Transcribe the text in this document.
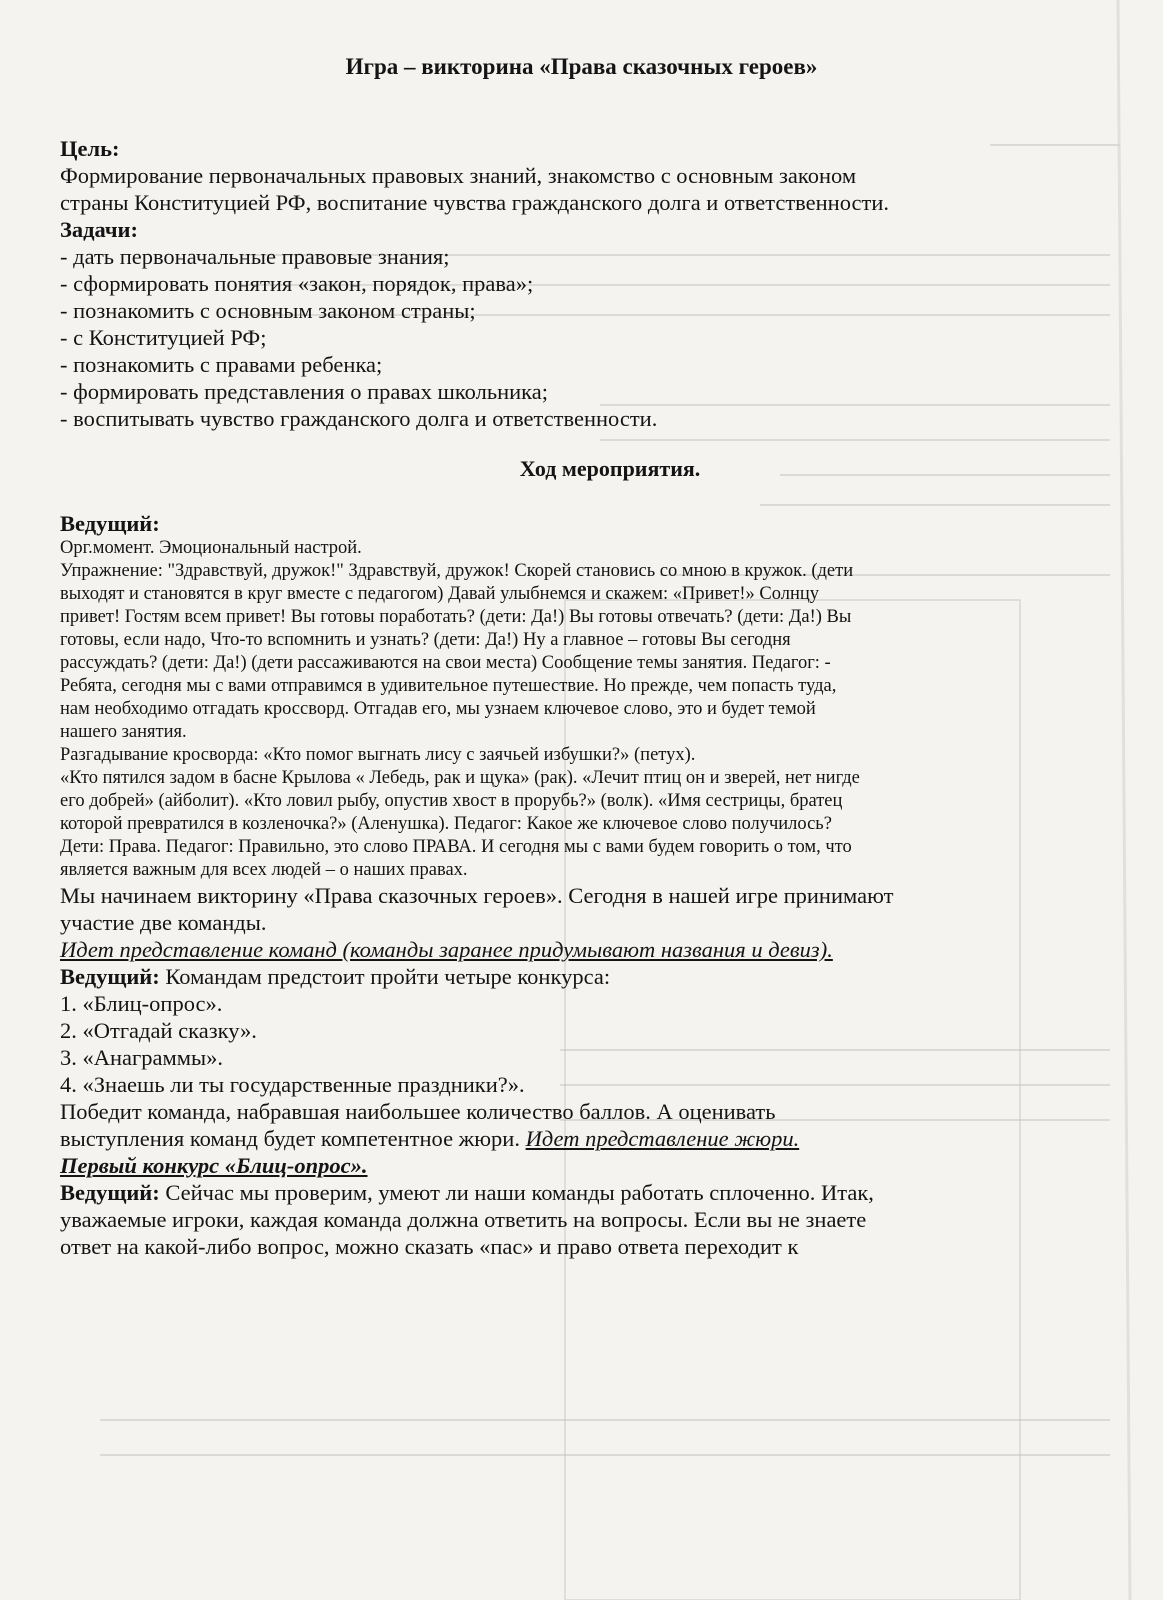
Игра – викторина «Права сказочных героев»
Цель:
Формирование первоначальных правовых знаний, знакомство с основным законом
страны Конституцией РФ, воспитание чувства гражданского долга и ответственности.
Задачи:
- дать первоначальные правовые знания;
- сформировать понятия «закон, порядок, права»;
- познакомить с основным законом страны;
- с Конституцией РФ;
- познакомить с правами ребенка;
- формировать представления о правах школьника;
- воспитывать чувство гражданского долга и ответственности.
Ход мероприятия.
Ведущий:
Орг.момент. Эмоциональный настрой.
Упражнение: "Здравствуй, дружок!" Здравствуй, дружок! Скорей становись со мною в кружок. (дети
выходят и становятся в круг вместе с педагогом) Давай улыбнемся и скажем: «Привет!» Солнцу
привет! Гостям всем привет! Вы готовы поработать? (дети: Да!) Вы готовы отвечать? (дети: Да!) Вы
готовы, если надо, Что-то вспомнить и узнать? (дети: Да!) Ну а главное – готовы Вы сегодня
рассуждать? (дети: Да!) (дети рассаживаются на свои места) Сообщение темы занятия. Педагог: -
Ребята, сегодня мы с вами отправимся в удивительное путешествие. Но прежде, чем попасть туда,
нам необходимо отгадать кроссворд. Отгадав его, мы узнаем ключевое слово, это и будет темой
нашего занятия.
Разгадывание кросворда: «Кто помог выгнать лису с заячьей избушки?» (петух).
«Кто пятился задом в басне Крылова « Лебедь, рак и щука» (рак). «Лечит птиц он и зверей, нет нигде
его добрей» (айболит). «Кто ловил рыбу, опустив хвост в прорубь?» (волк). «Имя сестрицы, братец
которой превратился в козленочка?» (Аленушка). Педагог: Какое же ключевое слово получилось?
Дети: Права. Педагог: Правильно, это слово ПРАВА. И сегодня мы с вами будем говорить о том, что
является важным для всех людей – о наших правах.
Мы начинаем викторину «Права сказочных героев». Сегодня в нашей игре принимают
участие две команды.
Идет представление команд (команды заранее придумывают названия и девиз).
Ведущий: Командам предстоит пройти четыре конкурса:
1. «Блиц-опрос».
2. «Отгадай сказку».
3. «Анаграммы».
4. «Знаешь ли ты государственные праздники?».
Победит команда, набравшая наибольшее количество баллов. А оценивать
выступления команд будет компетентное жюри. Идет представление жюри.
Первый конкурс «Блиц-опрос».
Ведущий: Сейчас мы проверим, умеют ли наши команды работать сплоченно. Итак,
уважаемые игроки, каждая команда должна ответить на вопросы. Если вы не знаете
ответ на какой-либо вопрос, можно сказать «пас» и право ответа переходит к
